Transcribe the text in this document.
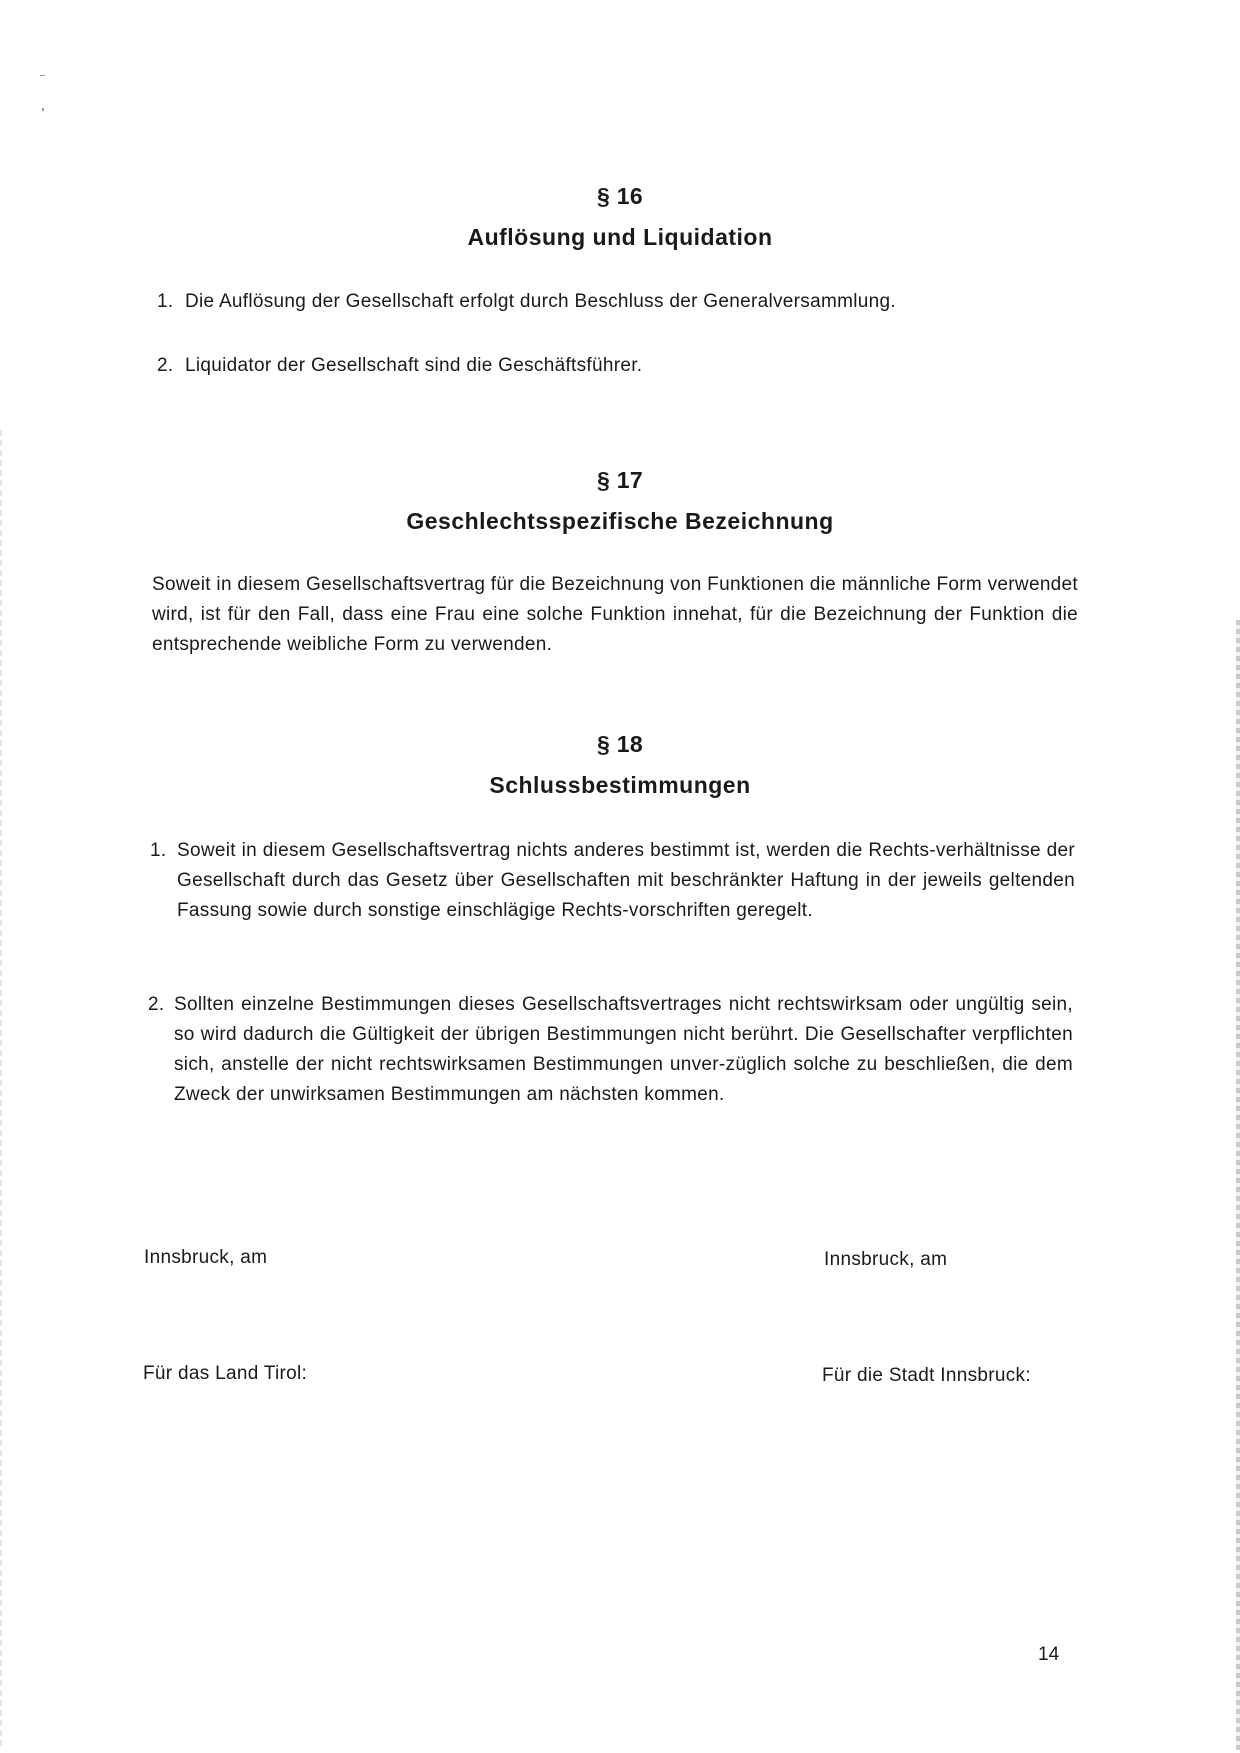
§ 16
Auflösung und Liquidation
1. Die Auflösung der Gesellschaft erfolgt durch Beschluss der Generalversammlung.
2. Liquidator der Gesellschaft sind die Geschäftsführer.
§ 17
Geschlechtsspezifische Bezeichnung
Soweit in diesem Gesellschaftsvertrag für die Bezeichnung von Funktionen die männliche Form verwendet wird, ist für den Fall, dass eine Frau eine solche Funktion innehat, für die Bezeichnung der Funktion die entsprechende weibliche Form zu verwenden.
§ 18
Schlussbestimmungen
1. Soweit in diesem Gesellschaftsvertrag nichts anderes bestimmt ist, werden die Rechts-verhältnisse der Gesellschaft durch das Gesetz über Gesellschaften mit beschränkter Haftung in der jeweils geltenden Fassung sowie durch sonstige einschlägige Rechts-vorschriften geregelt.
2. Sollten einzelne Bestimmungen dieses Gesellschaftsvertrages nicht rechtswirksam oder ungültig sein, so wird dadurch die Gültigkeit der übrigen Bestimmungen nicht berührt. Die Gesellschafter verpflichten sich, anstelle der nicht rechtswirksamen Bestimmungen unver-züglich solche zu beschließen, die dem Zweck der unwirksamen Bestimmungen am nächsten kommen.
Innsbruck, am	Innsbruck, am
Für das Land Tirol:	Für die Stadt Innsbruck:
14
